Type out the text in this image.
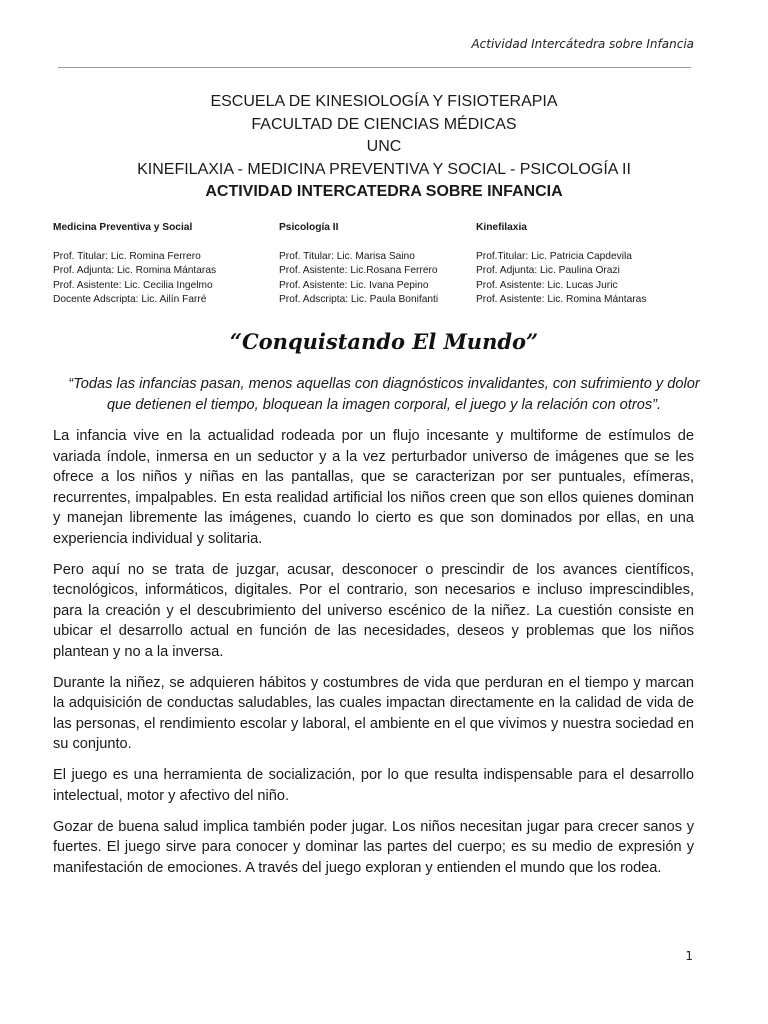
Actividad Intercátedra sobre Infancia
ESCUELA DE KINESIOLOGÍA Y FISIOTERAPIA
FACULTAD DE CIENCIAS MÉDICAS
UNC
KINEFILAXIA - MEDICINA PREVENTIVA Y SOCIAL - PSICOLOGÍA II
ACTIVIDAD INTERCATEDRA SOBRE INFANCIA
Medicina Preventiva y Social
Prof. Titular: Lic. Romina Ferrero
Prof. Adjunta: Lic. Romina Mántaras
Prof. Asistente: Lic. Cecilia Ingelmo
Docente Adscripta: Lic. Ailín Farré
Psicología II
Prof. Titular: Lic. Marisa Saino
Prof. Asistente: Lic.Rosana Ferrero
Prof. Asistente: Lic. Ivana Pepino
Prof. Adscripta: Lic. Paula Bonifanti
Kinefilaxia
Prof.Titular: Lic. Patricia Capdevila
Prof. Adjunta: Lic. Paulina Orazi
Prof. Asistente: Lic. Lucas Juric
Prof. Asistente: Lic. Romina Mántaras
“Conquistando El Mundo”
“Todas las infancias pasan, menos aquellas con diagnósticos invalidantes, con sufrimiento y dolor que detienen el tiempo, bloquean la imagen corporal, el juego y la relación con otros”.

La infancia vive en la actualidad rodeada por un flujo incesante y multiforme de estímulos de variada índole, inmersa en un seductor y a la vez perturbador universo de imágenes que se les ofrece a los niños y niñas en las pantallas, que se caracterizan por ser puntuales, efímeras, recurrentes, impalpables. En esta realidad artificial los niños creen que son ellos quienes dominan y manejan libremente las imágenes, cuando lo cierto es que son dominados por ellas, en una experiencia individual y solitaria.

Pero aquí no se trata de juzgar, acusar, desconocer o prescindir de los avances científicos, tecnológicos, informáticos, digitales. Por el contrario, son necesarios e incluso imprescindibles, para la creación y el descubrimiento del universo escénico de la niñez. La cuestión consiste en ubicar el desarrollo actual en función de las necesidades, deseos y problemas que los niños plantean y no a la inversa.

Durante la niñez, se adquieren hábitos y costumbres de vida que perduran en el tiempo y marcan la adquisición de conductas saludables, las cuales impactan directamente en la calidad de vida de las personas, el rendimiento escolar y laboral, el ambiente en el que vivimos y nuestra sociedad en su conjunto.

El juego es una herramienta de socialización, por lo que resulta indispensable para el desarrollo intelectual, motor y afectivo del niño.

Gozar de buena salud implica también poder jugar. Los niños necesitan jugar para crecer sanos y fuertes. El juego sirve para conocer y dominar las partes del cuerpo; es su medio de expresión y manifestación de emociones. A través del juego exploran y entienden el mundo que los rodea.

1
